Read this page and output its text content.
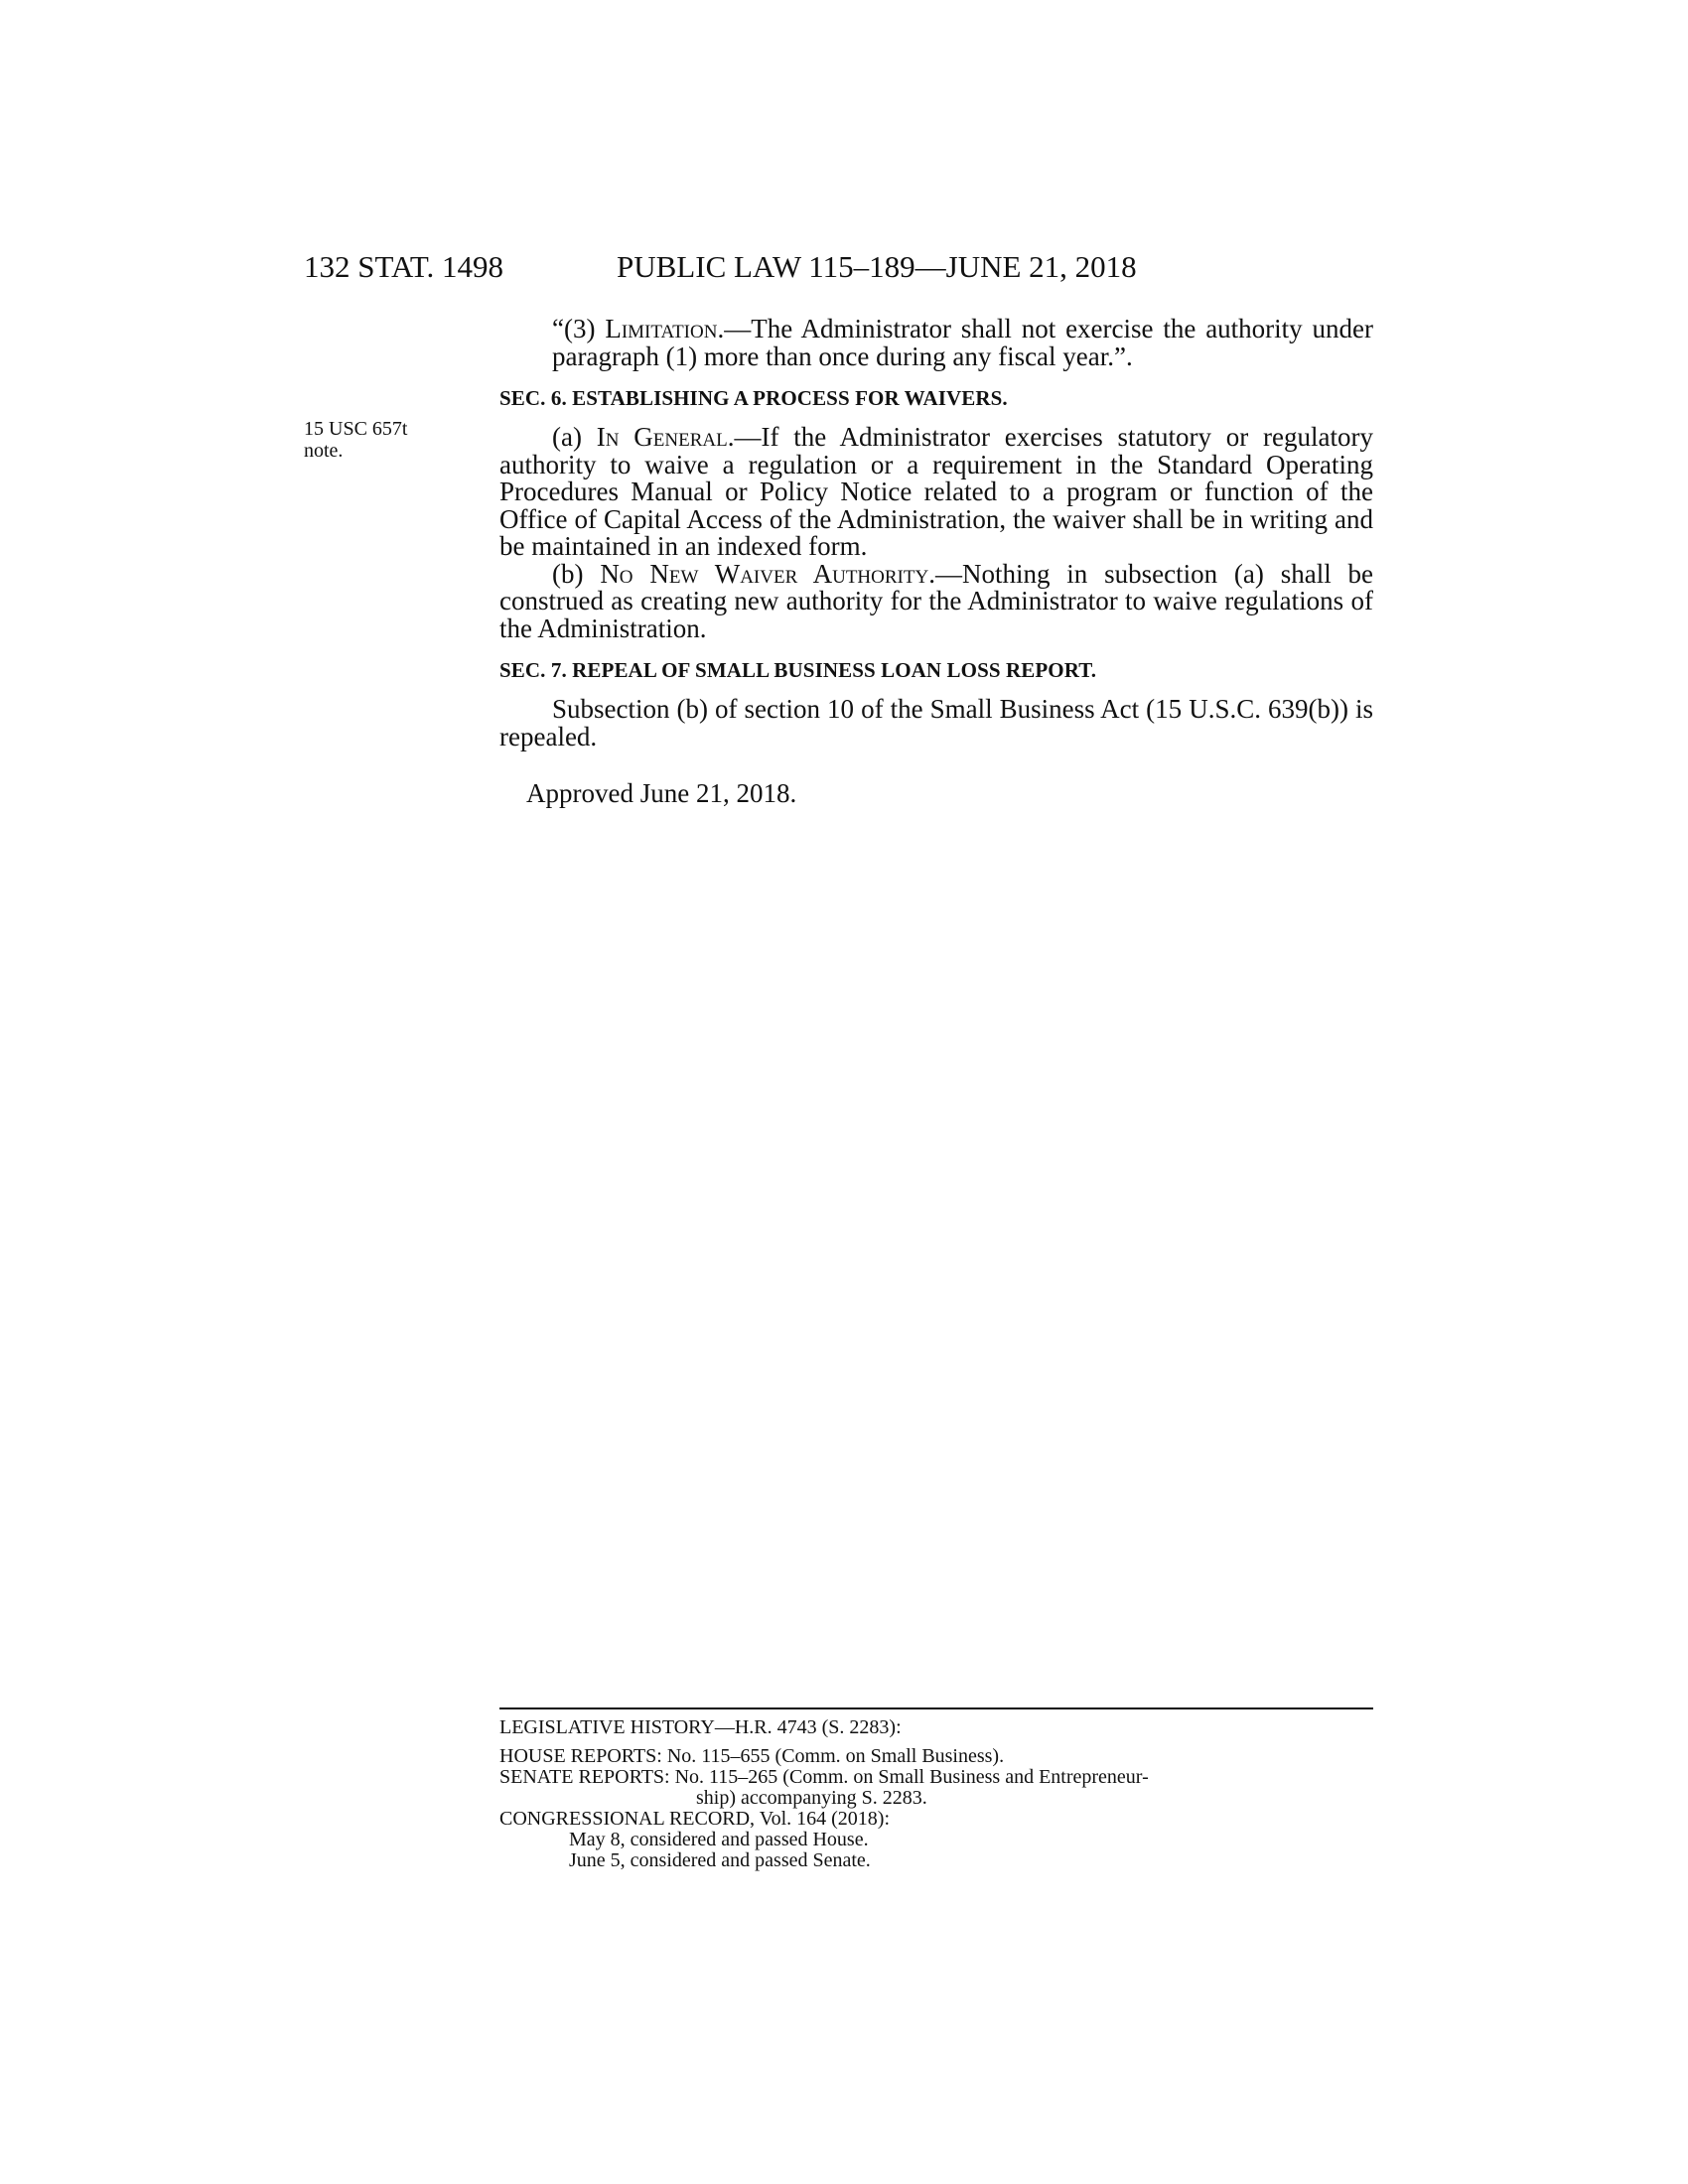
132 STAT. 1498	PUBLIC LAW 115–189—JUNE 21, 2018
15 USC 657t
note.

“(3) Limitation.—The Administrator shall not exercise the authority under paragraph (1) more than once during any fiscal year.”.

SEC. 6. ESTABLISHING A PROCESS FOR WAIVERS.

(a) In General.—If the Administrator exercises statutory or regulatory authority to waive a regulation or a requirement in the Standard Operating Procedures Manual or Policy Notice related to a program or function of the Office of Capital Access of the Administration, the waiver shall be in writing and be maintained in an indexed form.

(b) No New Waiver Authority.—Nothing in subsection (a) shall be construed as creating new authority for the Administrator to waive regulations of the Administration.

SEC. 7. REPEAL OF SMALL BUSINESS LOAN LOSS REPORT.

Subsection (b) of section 10 of the Small Business Act (15 U.S.C. 639(b)) is repealed.

Approved June 21, 2018.

LEGISLATIVE HISTORY—H.R. 4743 (S. 2283):
HOUSE REPORTS: No. 115–655 (Comm. on Small Business).
SENATE REPORTS: No. 115–265 (Comm. on Small Business and Entrepreneur-
ship) accompanying S. 2283.
CONGRESSIONAL RECORD, Vol. 164 (2018):
May 8, considered and passed House.
June 5, considered and passed Senate.
